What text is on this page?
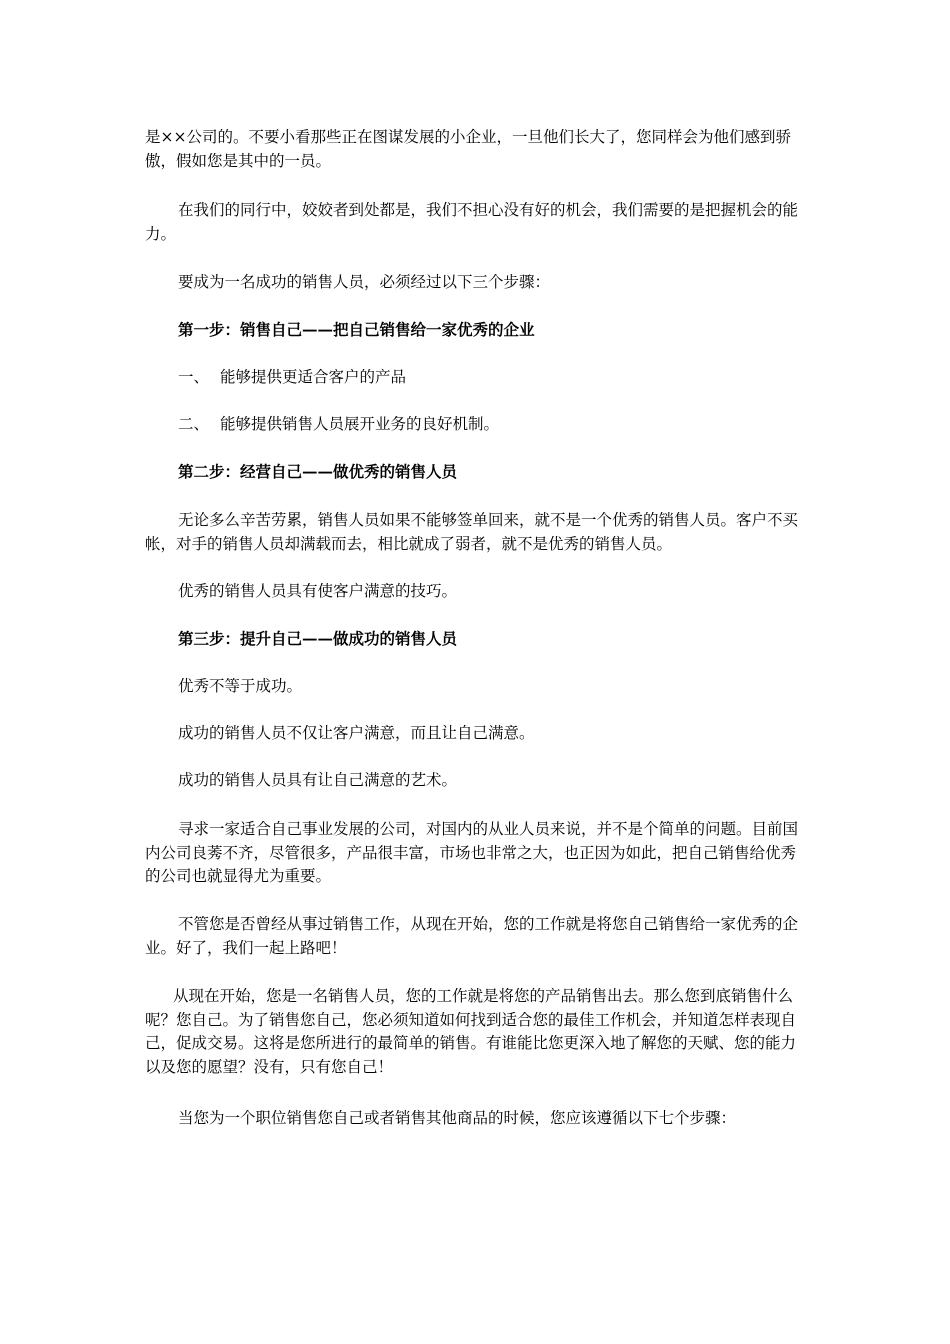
是××公司的。不要小看那些正在图谋发展的小企业，一旦他们长大了，您同样会为他们感到骄傲，假如您是其中的一员。

在我们的同行中，姣姣者到处都是，我们不担心没有好的机会，我们需要的是把握机会的能力。

要成为一名成功的销售人员，必须经过以下三个步骤：

第一步：销售自己——把自己销售给一家优秀的企业

一、 能够提供更适合客户的产品
二、 能够提供销售人员展开业务的良好机制。

第二步：经营自己——做优秀的销售人员

无论多么辛苦劳累，销售人员如果不能够签单回来，就不是一个优秀的销售人员。客户不买帐，对手的销售人员却满载而去，相比就成了弱者，就不是优秀的销售人员。

优秀的销售人员具有使客户满意的技巧。

第三步：提升自己——做成功的销售人员

优秀不等于成功。

成功的销售人员不仅让客户满意，而且让自己满意。

成功的销售人员具有让自己满意的艺术。

寻求一家适合自己事业发展的公司，对国内的从业人员来说，并不是个简单的问题。目前国内公司良莠不齐，尽管很多，产品很丰富，市场也非常之大，也正因为如此，把自己销售给优秀的公司也就显得尤为重要。

不管您是否曾经从事过销售工作，从现在开始，您的工作就是将您自己销售给一家优秀的企业。好了，我们一起上路吧！

从现在开始，您是一名销售人员，您的工作就是将您的产品销售出去。那么您到底销售什么呢？您自己。为了销售您自己，您必须知道如何找到适合您的最佳工作机会，并知道怎样表现自己，促成交易。这将是您所进行的最简单的销售。有谁能比您更深入地了解您的天赋、您的能力以及您的愿望？没有，只有您自己！

当您为一个职位销售您自己或者销售其他商品的时候，您应该遵循以下七个步骤：
